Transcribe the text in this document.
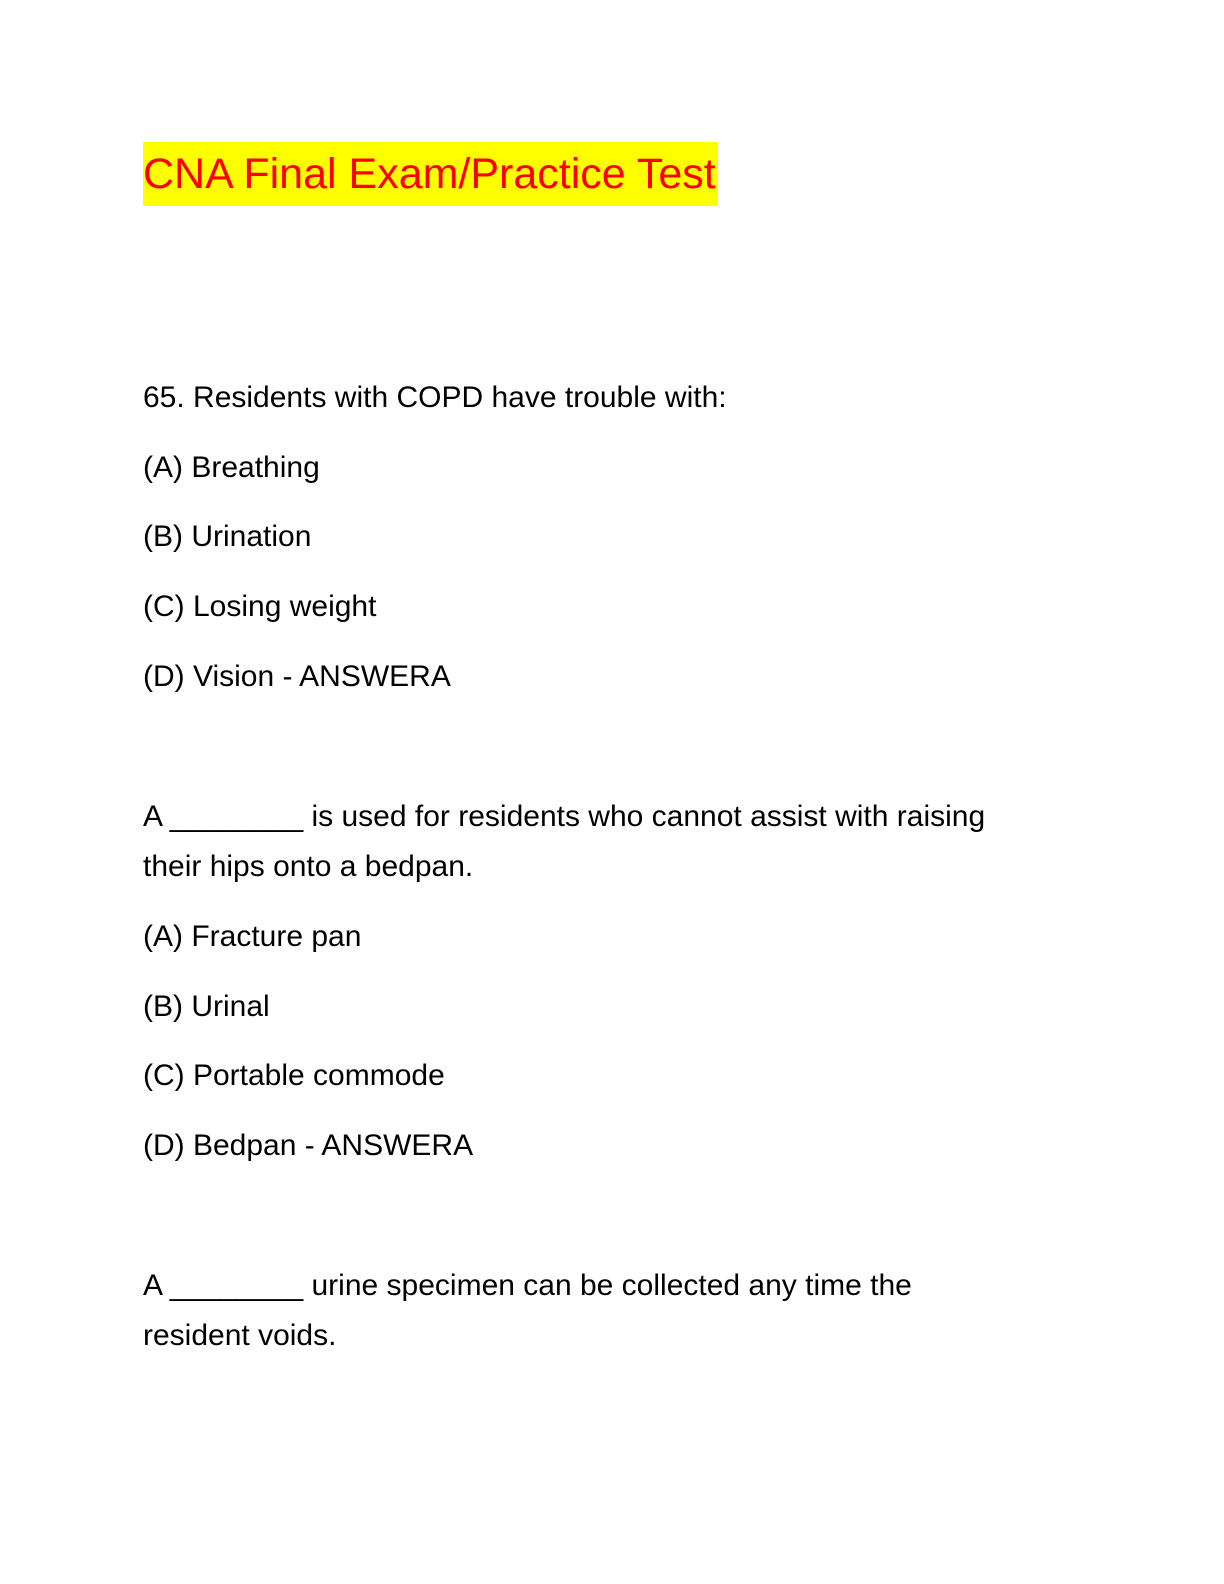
CNA Final Exam/Practice Test
65. Residents with COPD have trouble with:
(A) Breathing
(B) Urination
(C) Losing weight
(D) Vision - ANSWERA
A ________ is used for residents who cannot assist with raising
their hips onto a bedpan.
(A) Fracture pan
(B) Urinal
(C) Portable commode
(D) Bedpan - ANSWERA
A ________ urine specimen can be collected any time the
resident voids.
